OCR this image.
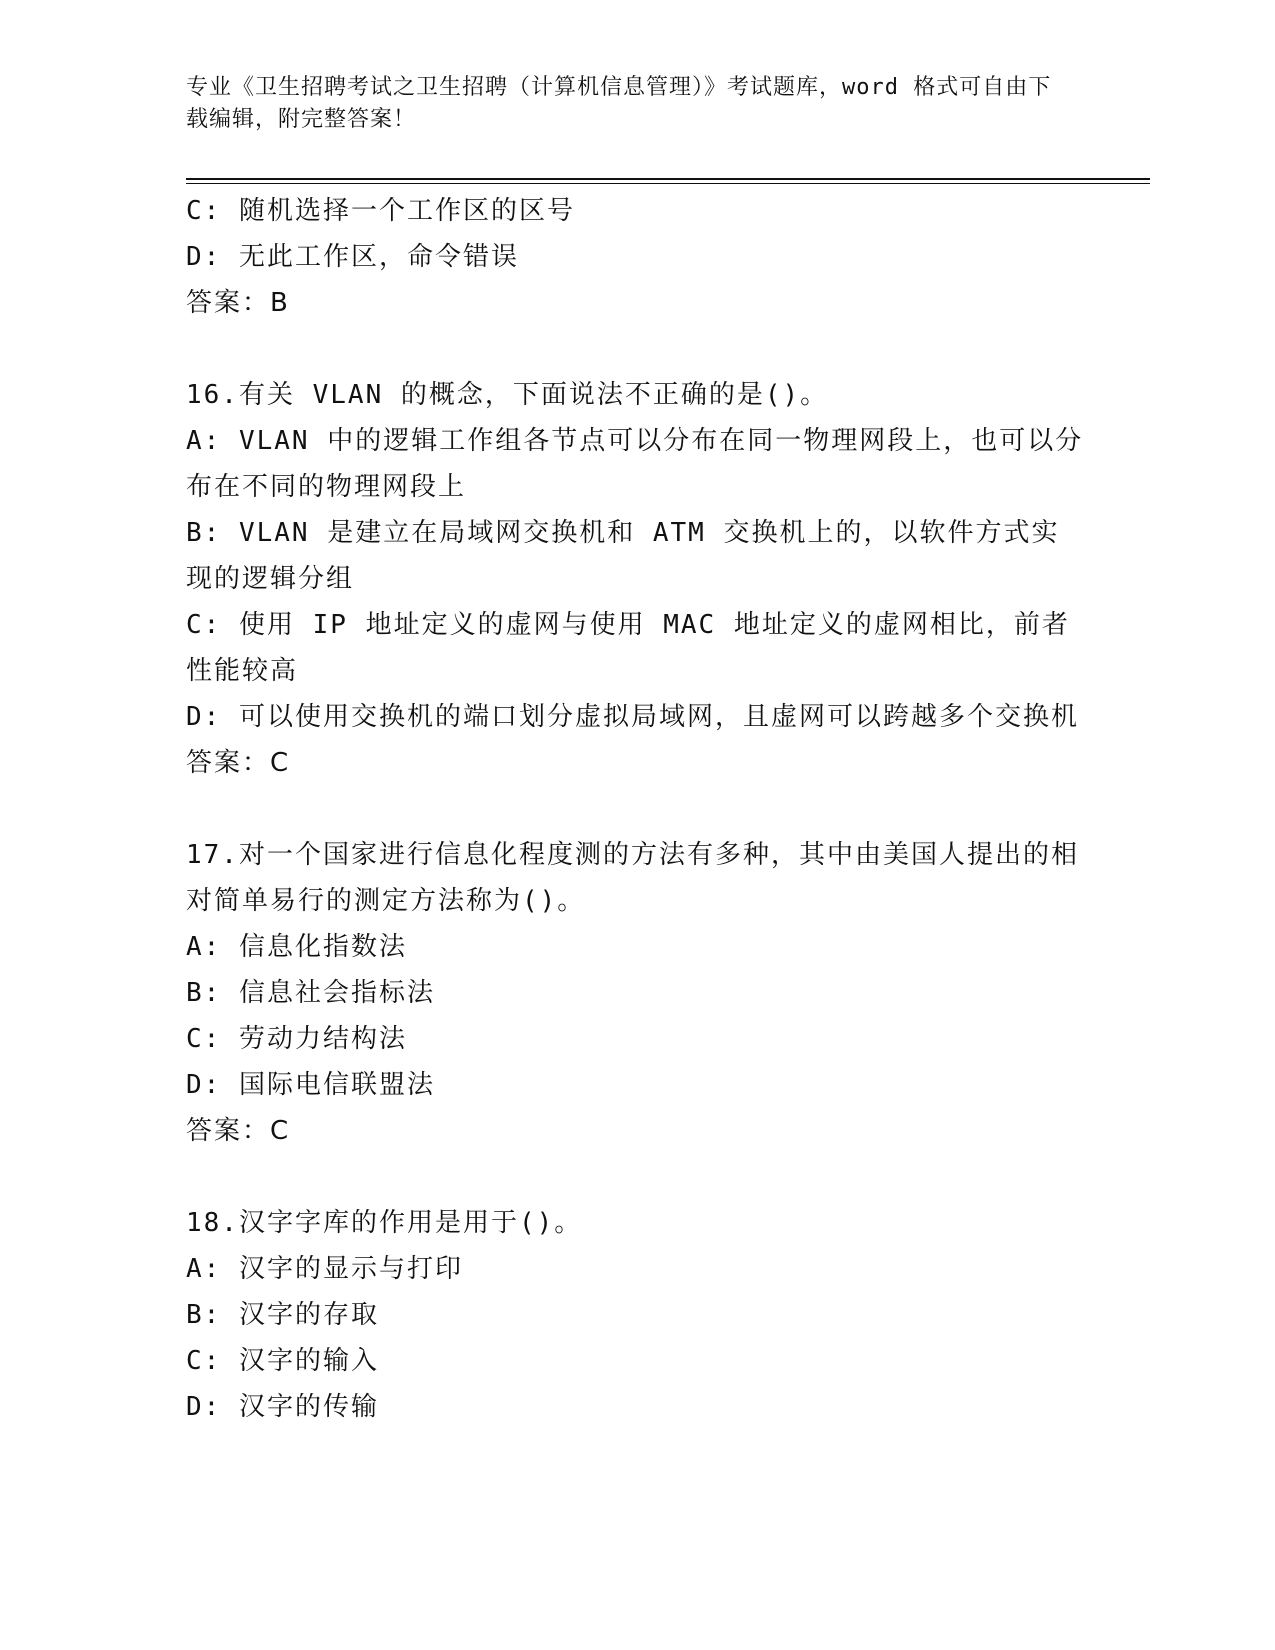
专业《卫生招聘考试之卫生招聘（计算机信息管理）》考试题库，word 格式可自由下载编辑，附完整答案！

C: 随机选择一个工作区的区号

D: 无此工作区，命令错误

答案：B

16.有关 VLAN 的概念，下面说法不正确的是()。

A: VLAN 中的逻辑工作组各节点可以分布在同一物理网段上，也可以分布在不同的物理网段上

B: VLAN 是建立在局域网交换机和 ATM 交换机上的，以软件方式实现的逻辑分组

C: 使用 IP 地址定义的虚网与使用 MAC 地址定义的虚网相比，前者性能较高

D: 可以使用交换机的端口划分虚拟局域网，且虚网可以跨越多个交换机

答案：C

17.对一个国家进行信息化程度测的方法有多种，其中由美国人提出的相对简单易行的测定方法称为()。

A: 信息化指数法

B: 信息社会指标法

C: 劳动力结构法

D: 国际电信联盟法

答案：C

18.汉字字库的作用是用于()。

A: 汉字的显示与打印

B: 汉字的存取

C: 汉字的输入

D: 汉字的传输
